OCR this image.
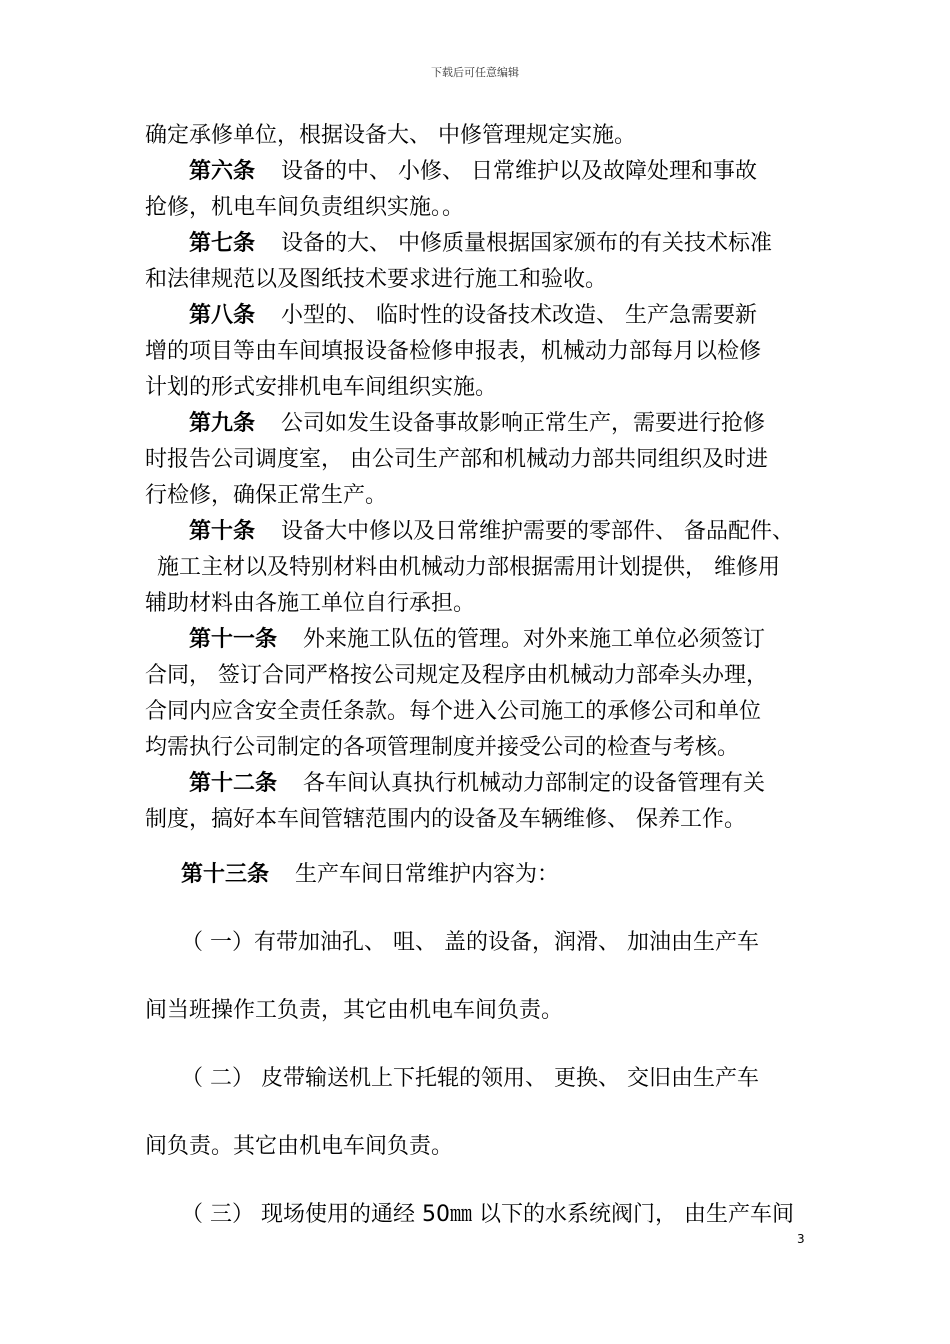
下载后可任意编辑

确定承修单位，根据设备大、 中修管理规定实施。

第六条 设备的中、 小修、 日常维护以及故障处理和事故

抢修，机电车间负责组织实施。。

第七条 设备的大、 中修质量根据国家颁布的有关技术标准

和法律规范以及图纸技术要求进行施工和验收。

第八条 小型的、 临时性的设备技术改造、 生产急需要新

增的项目等由车间填报设备检修申报表，机械动力部每月以检修

计划的形式安排机电车间组织实施。

第九条 公司如发生设备事故影响正常生产，需要进行抢修

时报告公司调度室， 由公司生产部和机械动力部共同组织及时进

行检修，确保正常生产。

第十条 设备大中修以及日常维护需要的零部件、 备品配件、

施工主材以及特别材料由机械动力部根据需用计划提供， 维修用

辅助材料由各施工单位自行承担。

第十一条 外来施工队伍的管理。对外来施工单位必须签订

合同， 签订合同严格按公司规定及程序由机械动力部牵头办理，

合同内应含安全责任条款。每个进入公司施工的承修公司和单位

均需执行公司制定的各项管理制度并接受公司的检查与考核。

第十二条 各车间认真执行机械动力部制定的设备管理有关

制度，搞好本车间管辖范围内的设备及车辆维修、 保养工作。

第十三条 生产车间日常维护内容为：

（ 一）有带加油孔、 咀、 盖的设备，润滑、 加油由生产车

间当班操作工负责，其它由机电车间负责。

（ 二） 皮带输送机上下托辊的领用、 更换、 交旧由生产车

间负责。其它由机电车间负责。

（ 三） 现场使用的通经 50㎜ 以下的水系统阀门， 由生产车间

3
